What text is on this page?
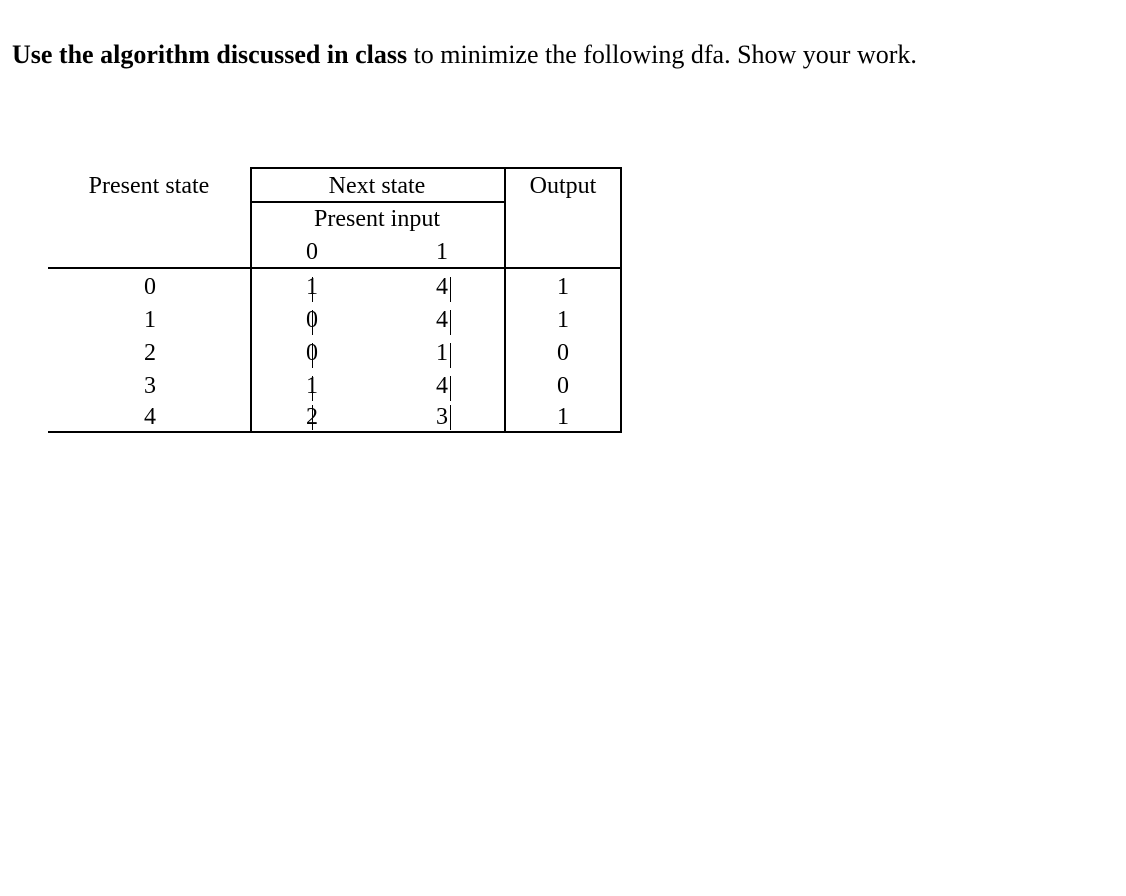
Use the algorithm discussed in class to minimize the following dfa. Show your work.

Present state	Next state
Present input
0	1
Output
0	1	4	1
1	0	4	1
2	0	1	0
3	1	4	0
4	2	3	1
